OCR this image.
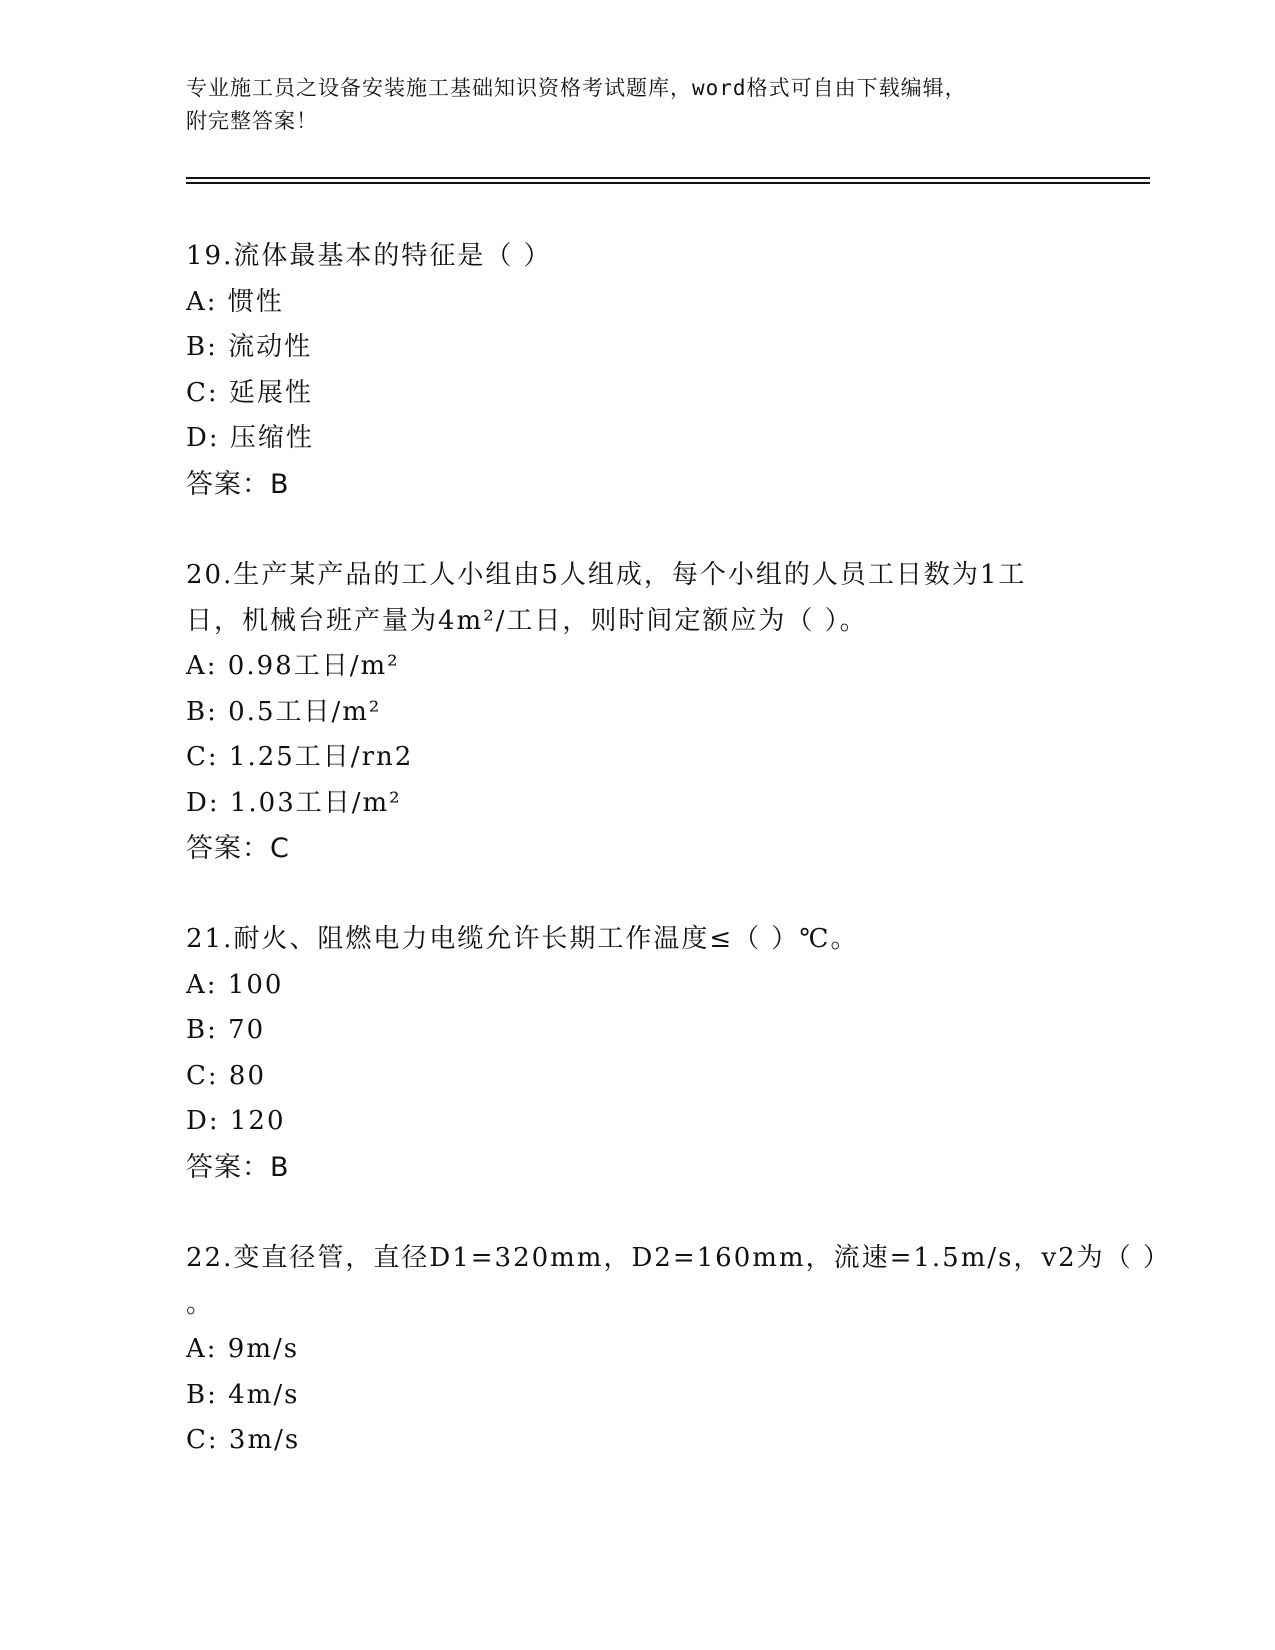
专业施工员之设备安装施工基础知识资格考试题库，word格式可自由下载编辑，
附完整答案！
19.流体最基本的特征是（ ）
A: 惯性
B: 流动性
C: 延展性
D: 压缩性
答案：B
20.生产某产品的工人小组由5人组成，每个小组的人员工日数为1工
日，机械台班产量为4m²/工日，则时间定额应为（ ）。
A: 0.98工日/m²
B: 0.5工日/m²
C: 1.25工日/rn2
D: 1.03工日/m²
答案：C
21.耐火、阻燃电力电缆允许长期工作温度≤（ ）℃。
A: 100
B: 70
C: 80
D: 120
答案：B
22.变直径管，直径D1=320mm，D2=160mm，流速=1.5m/s，v2为（ ）
。
A: 9m/s
B: 4m/s
C: 3m/s
